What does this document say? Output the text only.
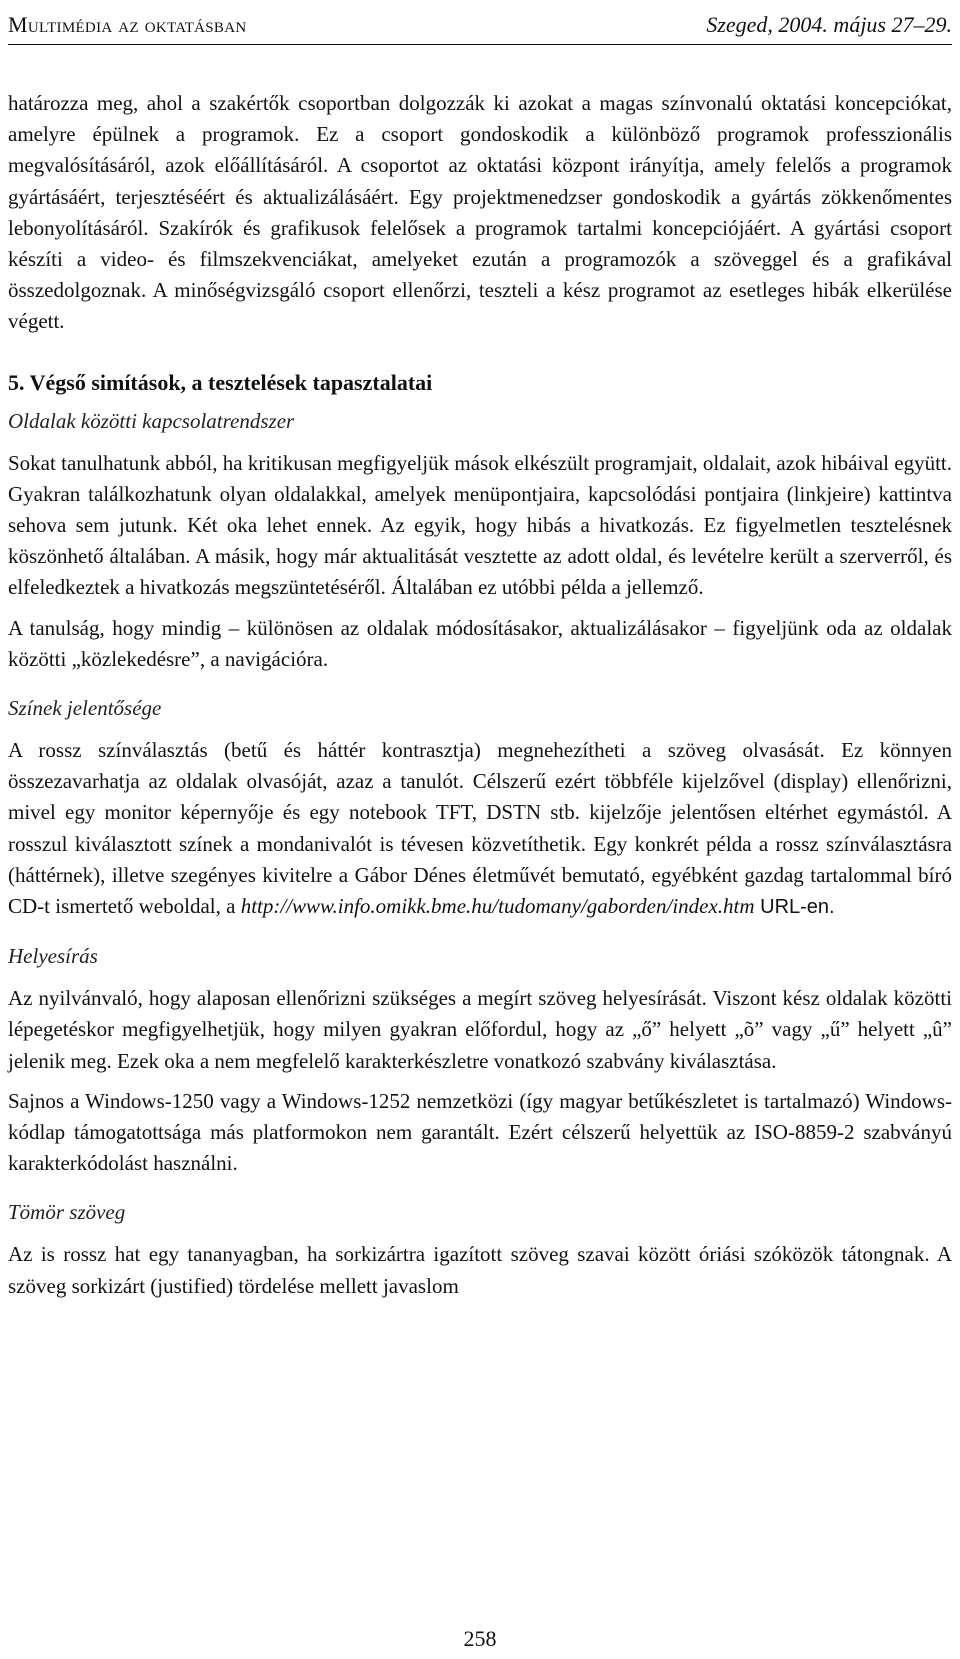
Multimédia az oktatásban	Szeged, 2004. május 27–29.

határozza meg, ahol a szakértők csoportban dolgozzák ki azokat a magas színvonalú oktatási koncepciókat, amelyre épülnek a programok. Ez a csoport gondoskodik a különböző programok professzionális megvalósításáról, azok előállításáról. A csoportot az oktatási központ irányítja, amely felelős a programok gyártásáért, terjesztéséért és aktualizálásáért. Egy projektmenedzser gondoskodik a gyártás zökkenőmentes lebonyolításáról. Szakírók és grafikusok felelősek a programok tartalmi koncepciójáért. A gyártási csoport készíti a video- és filmszekvenciákat, amelyeket ezután a programozók a szöveggel és a grafikával összedolgoznak. A minőségvizsgáló csoport ellenőrzi, teszteli a kész programot az esetleges hibák elkerülése végett.

5. Végső simítások, a tesztelések tapasztalatai
Oldalak közötti kapcsolatrendszer

Sokat tanulhatunk abból, ha kritikusan megfigyeljük mások elkészült programjait, oldalait, azok hibáival együtt. Gyakran találkozhatunk olyan oldalakkal, amelyek menüpontjaira, kapcsolódási pontjaira (linkjeire) kattintva sehova sem jutunk. Két oka lehet ennek. Az egyik, hogy hibás a hivatkozás. Ez figyelmetlen tesztelésnek köszönhető általában. A másik, hogy már aktualitását vesztette az adott oldal, és levételre került a szerverről, és elfeledkeztek a hivatkozás megszüntetéséről. Általában ez utóbbi példa a jellemző.

A tanulság, hogy mindig – különösen az oldalak módosításakor, aktualizálásakor – figyeljünk oda az oldalak közötti „közlekedésre”, a navigációra.

Színek jelentősége

A rossz színválasztás (betű és háttér kontrasztja) megnehezítheti a szöveg olvasását. Ez könnyen összezavarhatja az oldalak olvasóját, azaz a tanulót. Célszerű ezért többféle kijelzővel (display) ellenőrizni, mivel egy monitor képernyője és egy notebook TFT, DSTN stb. kijelzője jelentősen eltérhet egymástól. A rosszul kiválasztott színek a mondanivalót is tévesen közvetíthetik. Egy konkrét példa a rossz színválasztásra (háttérnek), illetve szegényes kivitelre a Gábor Dénes életművét bemutató, egyébként gazdag tartalommal bíró CD-t ismertető weboldal, a http://www.info.omikk.bme.hu/tudomany/gaborden/index.htm URL-en.

Helyesírás

Az nyilvánvaló, hogy alaposan ellenőrizni szükséges a megírt szöveg helyesírását. Viszont kész oldalak közötti lépegetéskor megfigyelhetjük, hogy milyen gyakran előfordul, hogy az „ő” helyett „õ” vagy „ű” helyett „û” jelenik meg. Ezek oka a nem megfelelő karakterkészletre vonatkozó szabvány kiválasztása.

Sajnos a Windows-1250 vagy a Windows-1252 nemzetközi (így magyar betűkészletet is tartalmazó) Windows-kódlap támogatottsága más platformokon nem garantált. Ezért célszerű helyettük az ISO-8859-2 szabványú karakterkódolást használni.

Tömör szöveg

Az is rossz hat egy tananyagban, ha sorkizártra igazított szöveg szavai között óriási szóközök tátongnak. A szöveg sorkizárt (justified) tördelése mellett javaslom

258
